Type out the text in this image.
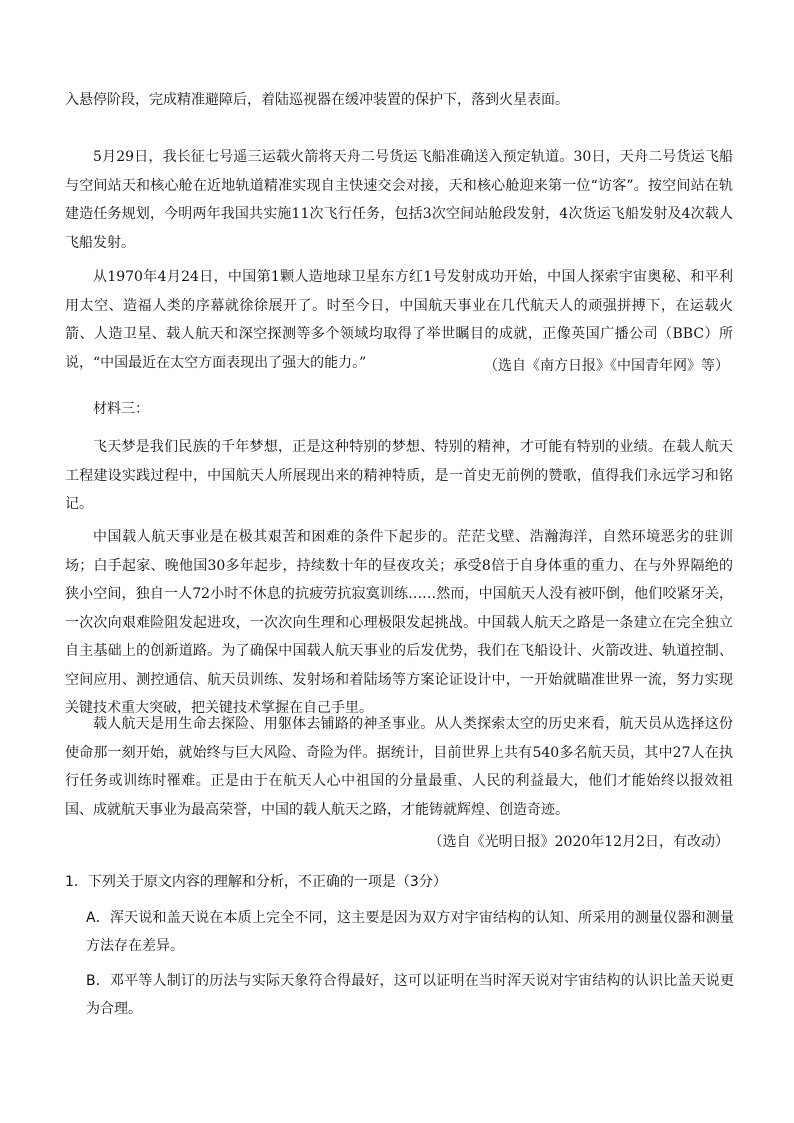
入悬停阶段，完成精准避障后，着陆巡视器在缓冲装置的保护下，落到火星表面。

5月29日，我长征七号遥三运载火箭将天舟二号货运飞船准确送入预定轨道。30日，天舟二号货运飞船与空间站天和核心舱在近地轨道精准实现自主快速交会对接，天和核心舱迎来第一位“访客”。按空间站在轨建造任务规划，今明两年我国共实施11次飞行任务，包括3次空间站舱段发射，4次货运飞船发射及4次载人飞船发射。

从1970年4月24日，中国第1颗人造地球卫星东方红1号发射成功开始，中国人探索宇宙奥秘、和平利用太空、造福人类的序幕就徐徐展开了。时至今日，中国航天事业在几代航天人的顽强拼搏下，在运载火箭、人造卫星、载人航天和深空探测等多个领域均取得了举世瞩目的成就，正像英国广播公司（BBC）所说，“中国最近在太空方面表现出了强大的能力。”	（选自《南方日报》《中国青年网》等）

材料三：

飞天梦是我们民族的千年梦想，正是这种特别的梦想、特别的精神，才可能有特别的业绩。在载人航天工程建设实践过程中，中国航天人所展现出来的精神特质，是一首史无前例的赞歌，值得我们永远学习和铭记。

中国载人航天事业是在极其艰苦和困难的条件下起步的。茫茫戈壁、浩瀚海洋，自然环境恶劣的驻训场；白手起家、晚他国30多年起步，持续数十年的昼夜攻关；承受8倍于自身体重的重力、在与外界隔绝的狭小空间，独自一人72小时不休息的抗疲劳抗寂寞训练……然而，中国航天人没有被吓倒，他们咬紧牙关，一次次向艰难险阻发起进攻，一次次向生理和心理极限发起挑战。中国载人航天之路是一条建立在完全独立自主基础上的创新道路。为了确保中国载人航天事业的后发优势，我们在飞船设计、火箭改进、轨道控制、空间应用、测控通信、航天员训练、发射场和着陆场等方案论证设计中，一开始就瞄准世界一流，努力实现关键技术重大突破，把关键技术掌握在自己手里。

载人航天是用生命去探险、用躯体去铺路的神圣事业。从人类探索太空的历史来看，航天员从选择这份使命那一刻开始，就始终与巨大风险、奇险为伴。据统计，目前世界上共有540多名航天员，其中27人在执行任务或训练时罹难。正是由于在航天人心中祖国的分量最重、人民的利益最大，他们才能始终以报效祖国、成就航天事业为最高荣誉，中国的载人航天之路，才能铸就辉煌、创造奇迹。

（选自《光明日报》2020年12月2日，有改动）

1．下列关于原文内容的理解和分析，不正确的一项是（3分）

A．浑天说和盖天说在本质上完全不同，这主要是因为双方对宇宙结构的认知、所采用的测量仪器和测量方法存在差异。

B．邓平等人制订的历法与实际天象符合得最好，这可以证明在当时浑天说对宇宙结构的认识比盖天说更为合理。
